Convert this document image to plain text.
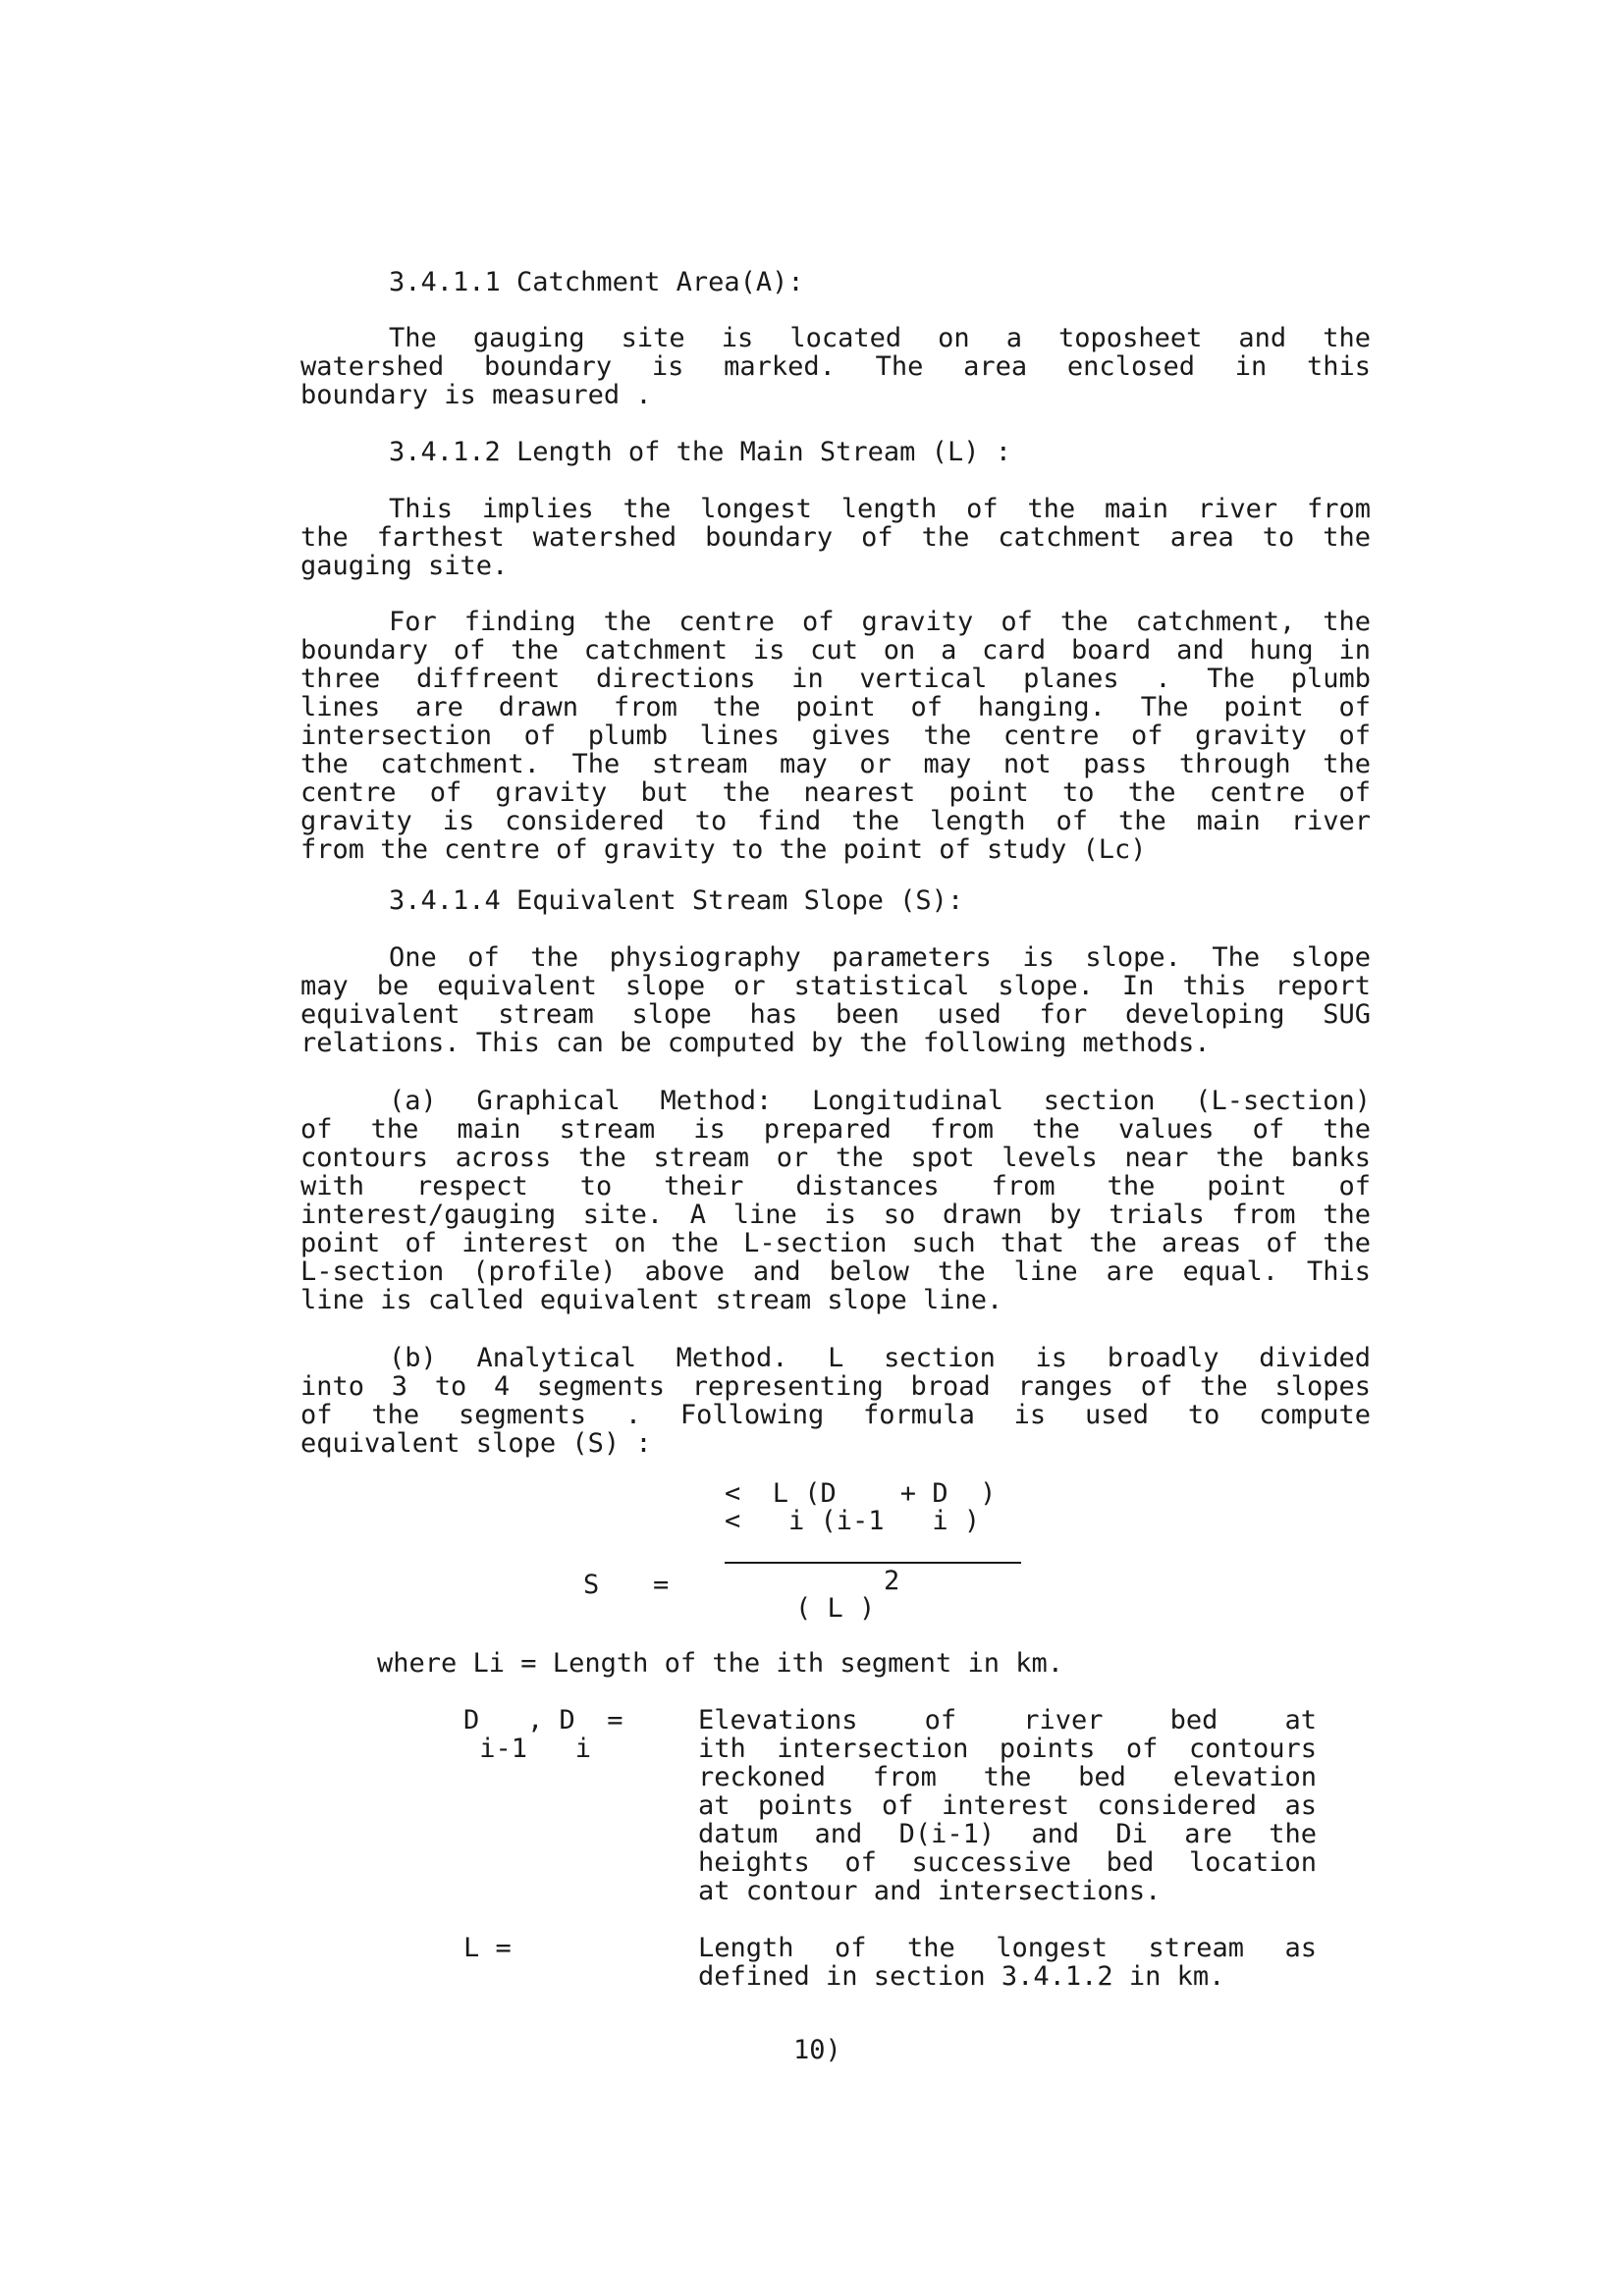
3.4.1.1 Catchment Area(A):
The gauging site is located on a toposheet and the
watershed boundary is marked. The area enclosed in this
boundary is measured .
3.4.1.2 Length of the Main Stream (L) :
This implies the longest length of the main river from
the farthest watershed boundary of the catchment area to the
gauging site.
For finding the centre of gravity of the catchment, the
boundary of the catchment is cut on a card board and hung in
three diffreent directions in vertical planes . The plumb
lines are drawn from the point of hanging. The point of
intersection of plumb lines gives the centre of gravity of
the catchment. The stream may or may not pass through the
centre of gravity but the nearest point to the centre of
gravity is considered to find the length of the main river
from the centre of gravity to the point of study (Lc)
3.4.1.4 Equivalent Stream Slope (S):
One of the physiography parameters is slope. The slope
may be equivalent slope or statistical slope. In this report
equivalent stream slope has been used for developing SUG
relations. This can be computed by the following methods.
(a) Graphical Method: Longitudinal section (L-section)
of the main stream is prepared from the values of the
contours across the stream or the spot levels near the banks
with respect to their distances from the point of
interest/gauging site. A line is so drawn by trials from the
point of interest on the L-section such that the areas of the
L-section (profile) above and below the line are equal. This
line is called equivalent stream slope line.
(b) Analytical Method. L section is broadly divided
into 3 to 4 segments representing broad ranges of the slopes
of the segments . Following formula is used to compute
equivalent slope (S) :
S =
<  L (D    + D  )
<   i (i-1   i )
2
( L )
where Li = Length of the ith segment in km.
D   , D  =
i-1   i
Elevations of river bed at
ith intersection points of contours
reckoned from the bed elevation
at points of interest considered as
datum and D(i-1) and Di are the
heights of successive bed location
at contour and intersections.
L =	Length of the longest stream as
defined in section 3.4.1.2 in km.
10)
